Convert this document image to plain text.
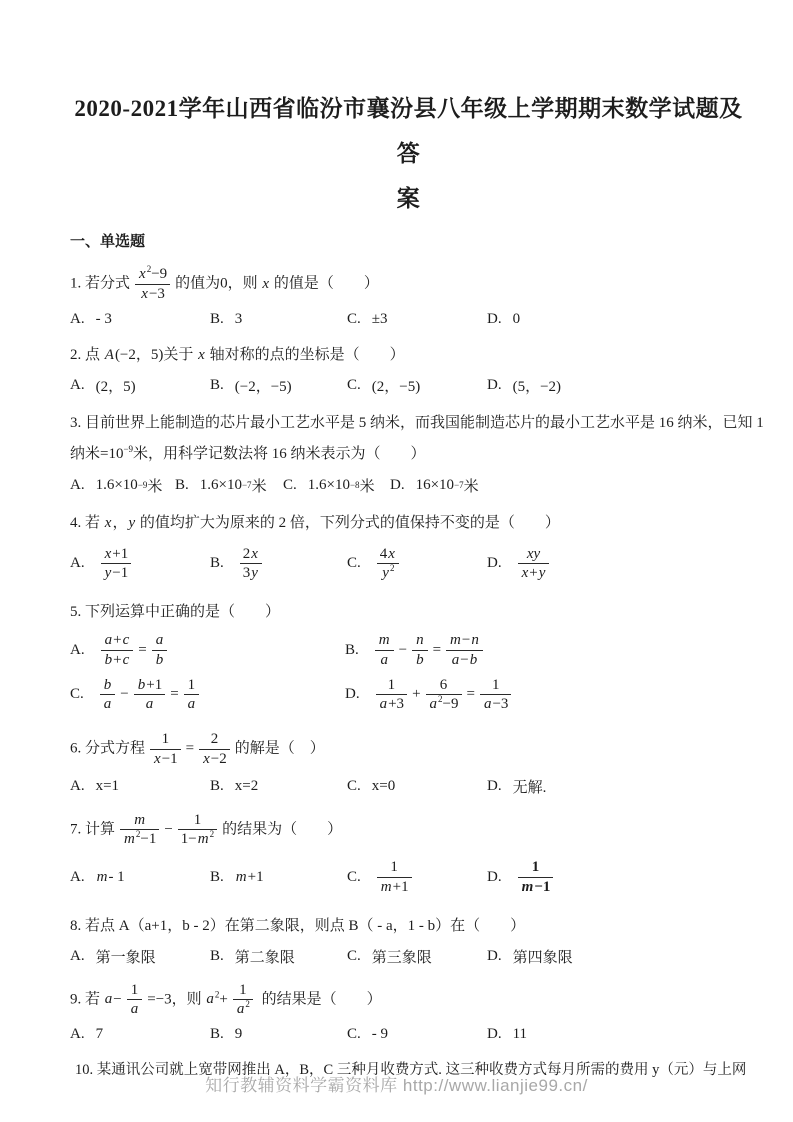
2020-2021学年山西省临汾市襄汾县八年级上学期期末数学试题及答
案
一、单选题

1. 若分式 $\frac{x^2-9}{x-3}$ 的值为0，则 x 的值是（　　）

A. - 3	B. 3	C. ±3	D. 0

2. 点 A(−2，5)关于 x 轴对称的点的坐标是（　　）

A. (2，5)	B. (−2，−5)	C. (2，−5)	D. (5，−2)

3. 目前世界上能制造的芯片最小工艺水平是 5 纳米，而我国能制造芯片的最小工艺水平是 16 纳米，已知 1
纳米$=10^{-9}$米，用科学记数法将 16 纳米表示为（　　）

A. 1.6×10 −9 米 B. 1.6×10 −7 米 C. 1.6×10 −8 米 D. 16×10 −7 米

4. 若 x，y 的值均扩大为原来的 2 倍，下列分式的值保持不变的是（　　）

A. $\frac{x+1}{y-1}$	B. $\frac{2x}{3y}$	C. $\frac{4x}{y^2}$	D. $\frac{xy}{x+y}$

5. 下列运算中正确的是（　　）

A. $\frac{a+c}{b+c} = \frac{a}{b}$	B. $\frac{m}{a} - \frac{n}{b} = \frac{m-n}{a-b}$
C. $\frac{b}{a} - \frac{b+1}{a} = \frac{1}{a}$	D. $\frac{1}{a+3} + \frac{6}{a^2-9} = \frac{1}{a-3}$

6. 分式方程 $\frac{1}{x-1} = \frac{2}{x-2}$ 的解是（　）

A. x=1	B. x=2	C. x=0	D. 无解.

7. 计算 $\frac{m}{m^2-1} - \frac{1}{1-m^2}$ 的结果为（　　）

A. m - 1	B. m +1	C. $\frac{1}{m+1}$	D. $\frac{1}{m-1}$

8. 若点 A（a+1，b - 2）在第二象限，则点 B（ - a，1 - b）在（　　）

A. 第一象限	B. 第二象限	C. 第三象限	D. 第四象限

9. 若 $a- \frac{1}{a} =-3$，则 $a^2+ \frac{1}{a^2}$ 的结果是（　　）

A. 7	B. 9	C. - 9	D. 11

10. 某通讯公司就上宽带网推出 A，B，C 三种月收费方式. 这三种收费方式每月所需的费用 y（元）与上网

知行教辅资料学霸资料库 http://www.lianjie99.cn/
